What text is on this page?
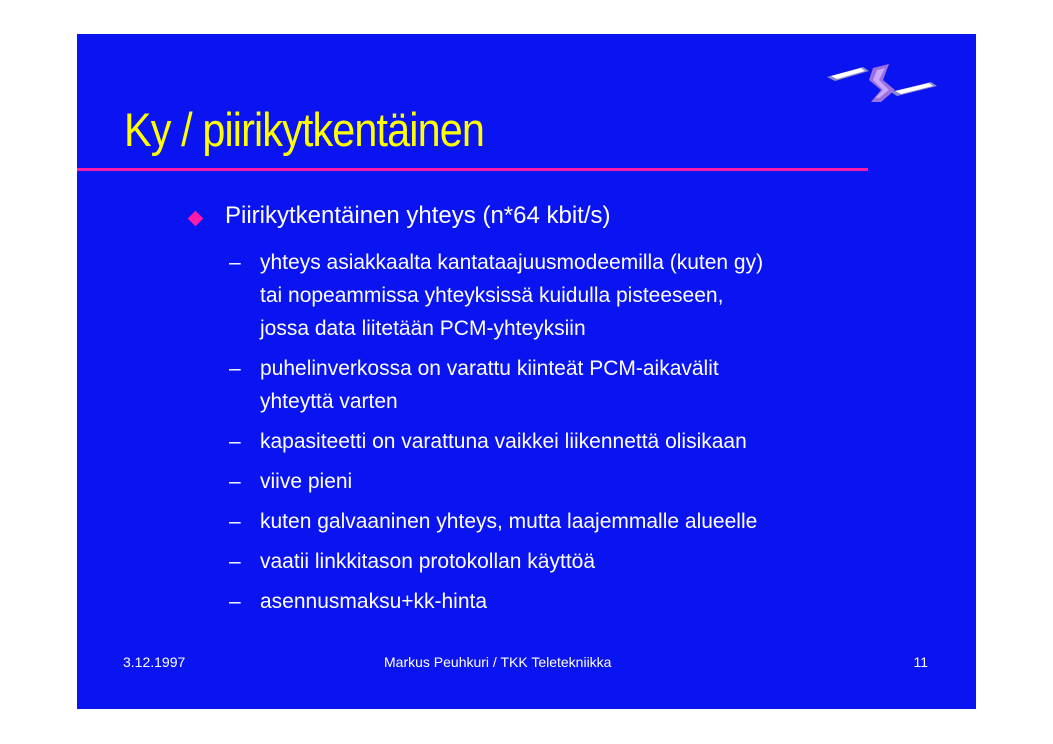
Ky / piirikytkentäinen
Piirikytkentäinen yhteys (n*64 kbit/s)
– yhteys asiakkaalta kantataajuusmodeemilla (kuten gy)
tai nopeammissa yhteyksissä kuidulla pisteeseen,
jossa data liitetään PCM-yhteyksiin
– puhelinverkossa on varattu kiinteät PCM-aikavälit
yhteyttä varten
– kapasiteetti on varattuna vaikkei liikennettä olisikaan
– viive pieni
– kuten galvaaninen yhteys, mutta laajemmalle alueelle
– vaatii linkkitason protokollan käyttöä
– asennusmaksu+kk-hinta
3.12.1997	Markus Peuhkuri / TKK Teletekniikka	11
